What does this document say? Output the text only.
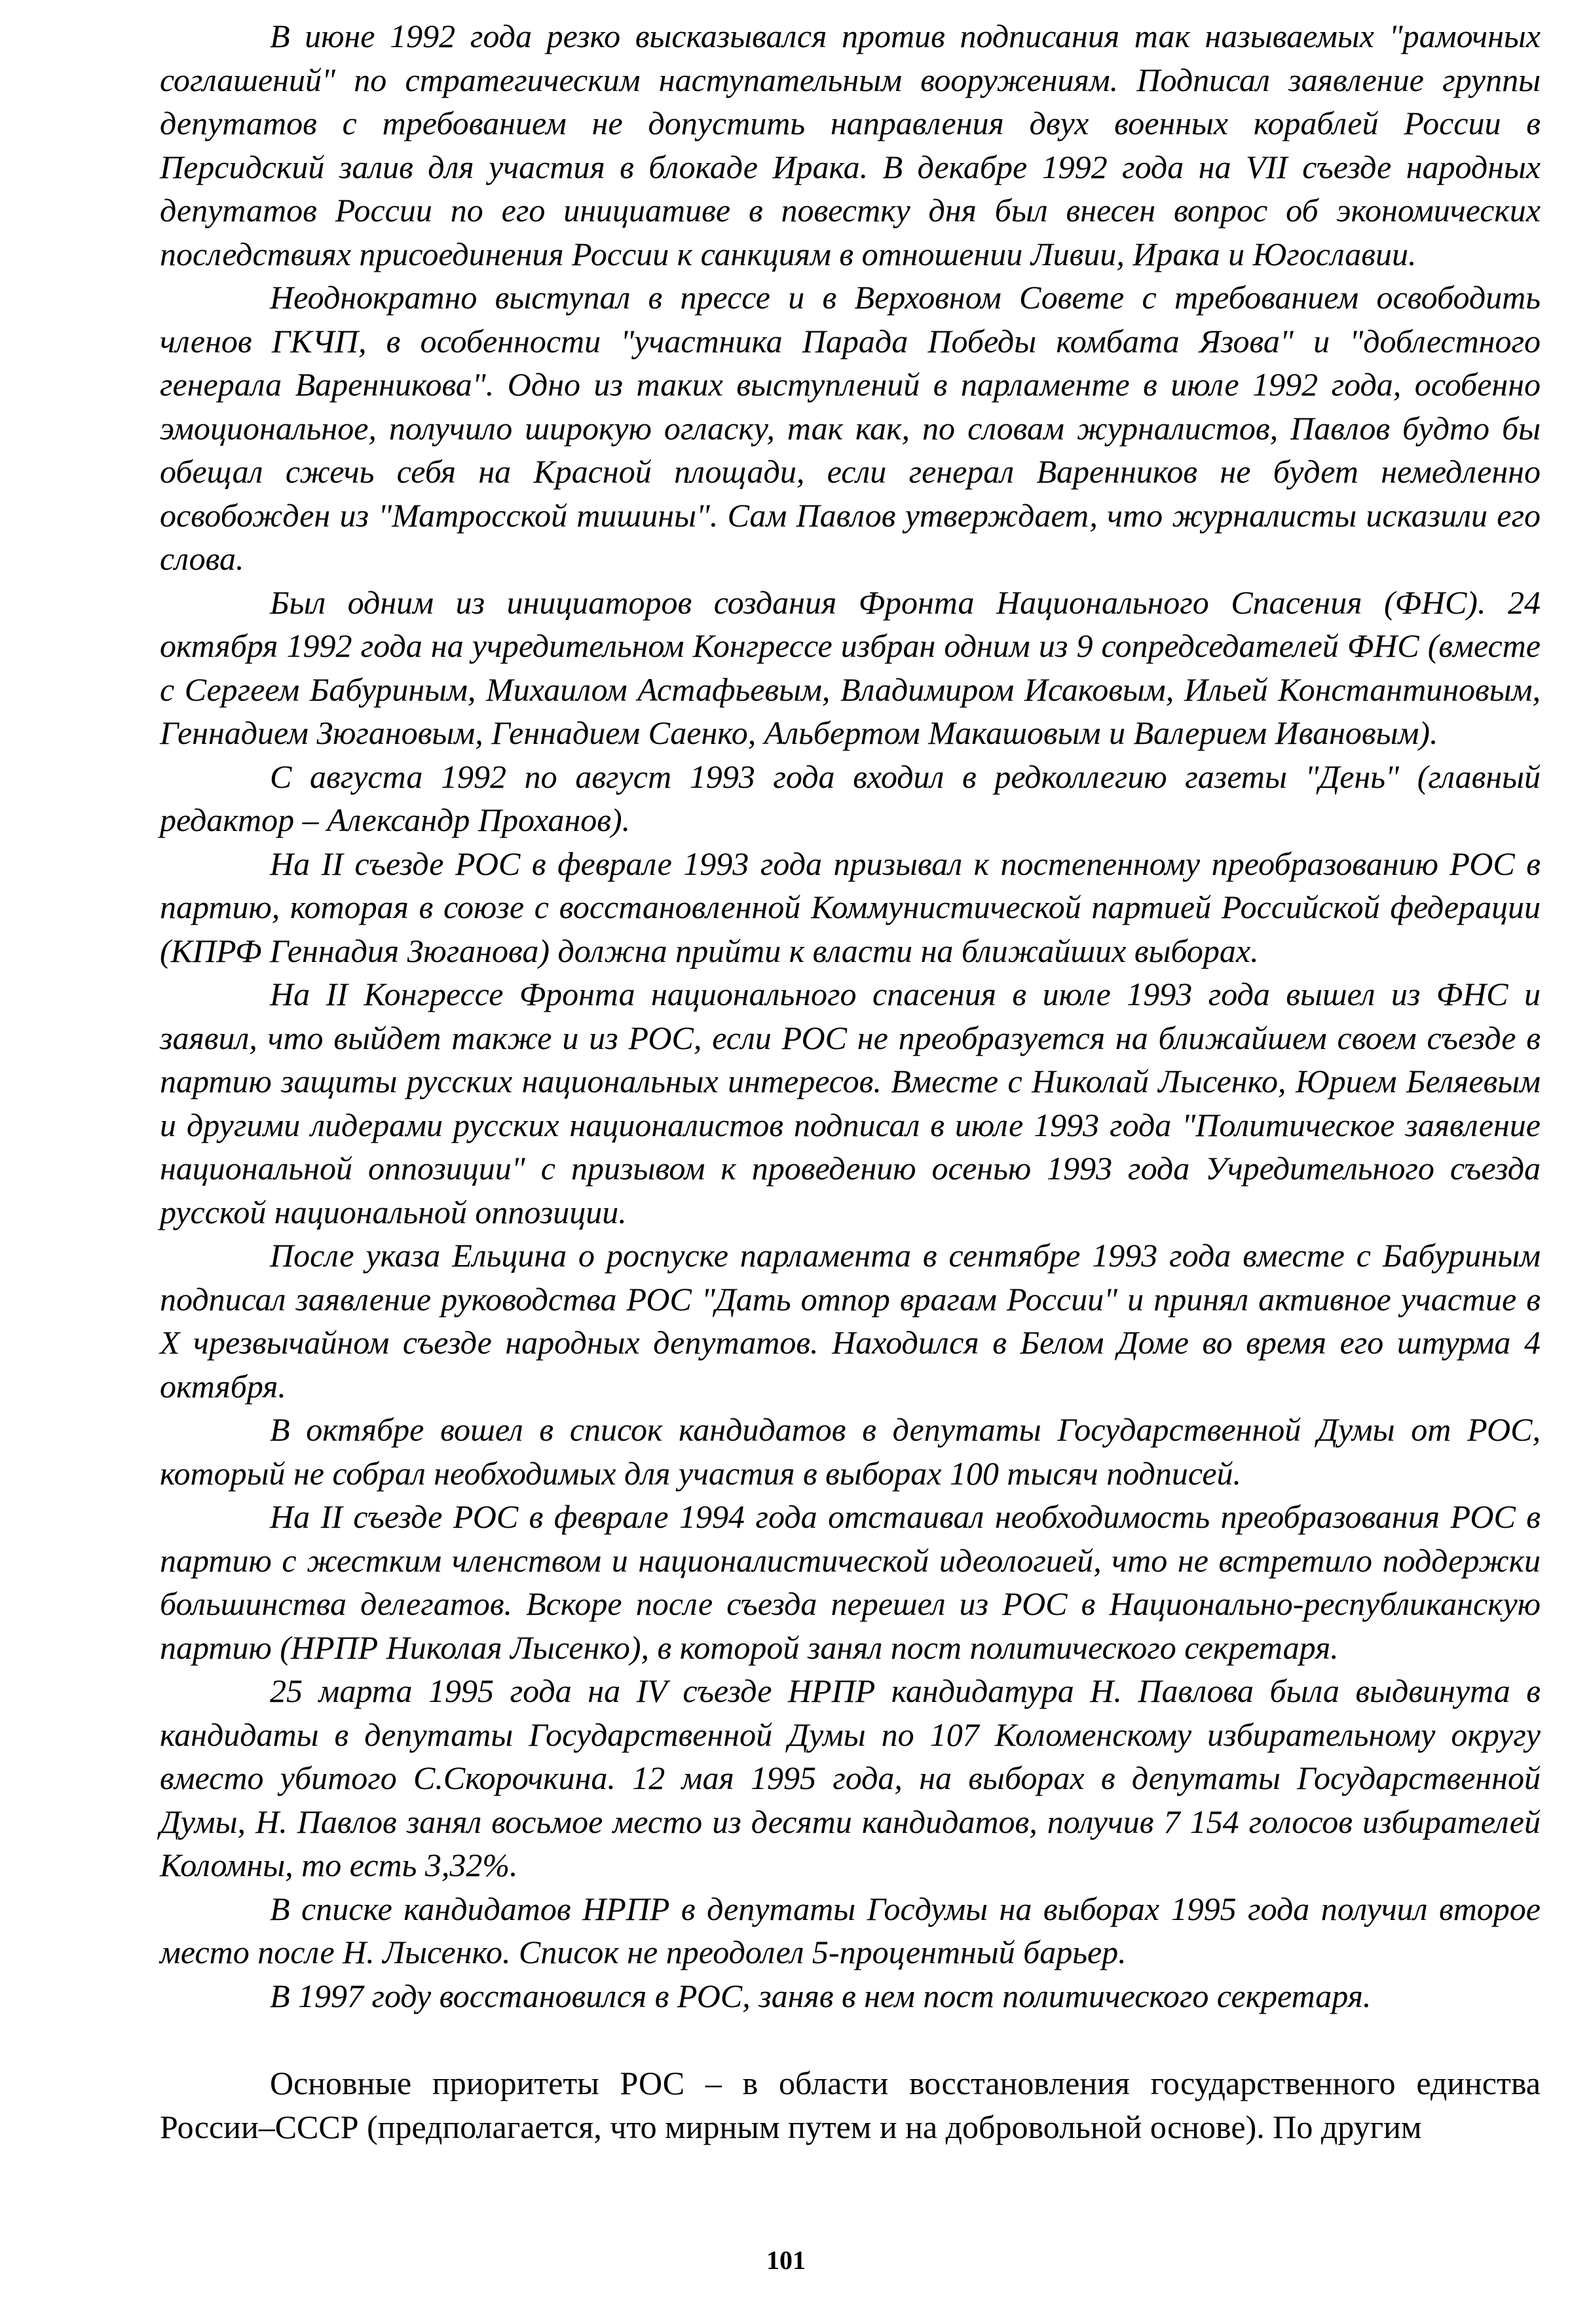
В июне 1992 года резко высказывался против подписания так называемых "рамочных соглашений" по стратегическим наступательным вооружениям. Подписал заявление группы депутатов с требованием не допустить направления двух военных кораблей России в Персидский залив для участия в блокаде Ирака. В декабре 1992 года на VII съезде народных депутатов России по его инициативе в повестку дня был внесен вопрос об экономических последствиях присоединения России к санкциям в отношении Ливии, Ирака и Югославии.

Неоднократно выступал в прессе и в Верховном Совете с требованием освободить членов ГКЧП, в особенности "участника Парада Победы комбата Язова" и "доблестного генерала Варенникова". Одно из таких выступлений в парламенте в июле 1992 года, особенно эмоциональное, получило широкую огласку, так как, по словам журналистов, Павлов будто бы обещал сжечь себя на Красной площади, если генерал Варенников не будет немедленно освобожден из "Матросской тишины". Сам Павлов утверждает, что журналисты исказили его слова.

Был одним из инициаторов создания Фронта Национального Спасения (ФНС). 24 октября 1992 года на учредительном Конгрессе избран одним из 9 сопредседателей ФНС (вместе с Сергеем Бабуриным, Михаилом Астафьевым, Владимиром Исаковым, Ильей Константиновым, Геннадием Зюгановым, Геннадием Саенко, Альбертом Макашовым и Валерием Ивановым).

С августа 1992 по август 1993 года входил в редколлегию газеты "День" (главный редактор – Александр Проханов).

На II съезде РОС в феврале 1993 года призывал к постепенному преобразованию РОС в партию, которая в союзе с восстановленной Коммунистической партией Российской федерации (КПРФ Геннадия Зюганова) должна прийти к власти на ближайших выборах.

На II Конгрессе Фронта национального спасения в июле 1993 года вышел из ФНС и заявил, что выйдет также и из РОС, если РОС не преобразуется на ближайшем своем съезде в партию защиты русских национальных интересов. Вместе с Николай Лысенко, Юрием Беляевым и другими лидерами русских националистов подписал в июле 1993 года "Политическое заявление национальной оппозиции" с призывом к проведению осенью 1993 года Учредительного съезда русской национальной оппозиции.

После указа Ельцина о роспуске парламента в сентябре 1993 года вместе с Бабуриным подписал заявление руководства РОС "Дать отпор врагам России" и принял активное участие в X чрезвычайном съезде народных депутатов. Находился в Белом Доме во время его штурма 4 октября.

В октябре вошел в список кандидатов в депутаты Государственной Думы от РОС, который не собрал необходимых для участия в выборах 100 тысяч подписей.

На II съезде РОС в феврале 1994 года отстаивал необходимость преобразования РОС в партию с жестким членством и националистической идеологией, что не встретило поддержки большинства делегатов. Вскоре после съезда перешел из РОС в Национально-республиканскую партию (НРПР Николая Лысенко), в которой занял пост политического секретаря.

25 марта 1995 года на IV съезде НРПР кандидатура Н. Павлова была выдвинута в кандидаты в депутаты Государственной Думы по 107 Коломенскому избирательному округу вместо убитого С.Скорочкина. 12 мая 1995 года, на выборах в депутаты Государственной Думы, Н. Павлов занял восьмое место из десяти кандидатов, получив 7 154 голосов избирателей Коломны, то есть 3,32%.

В списке кандидатов НРПР в депутаты Госдумы на выборах 1995 года получил второе место после Н. Лысенко. Список не преодолел 5-процентный барьер.

В 1997 году восстановился в РОС, заняв в нем пост политического секретаря.

Основные приоритеты РОС – в области восстановления государственного единства России–СССР (предполагается, что мирным путем и на добровольной основе). По другим

101
